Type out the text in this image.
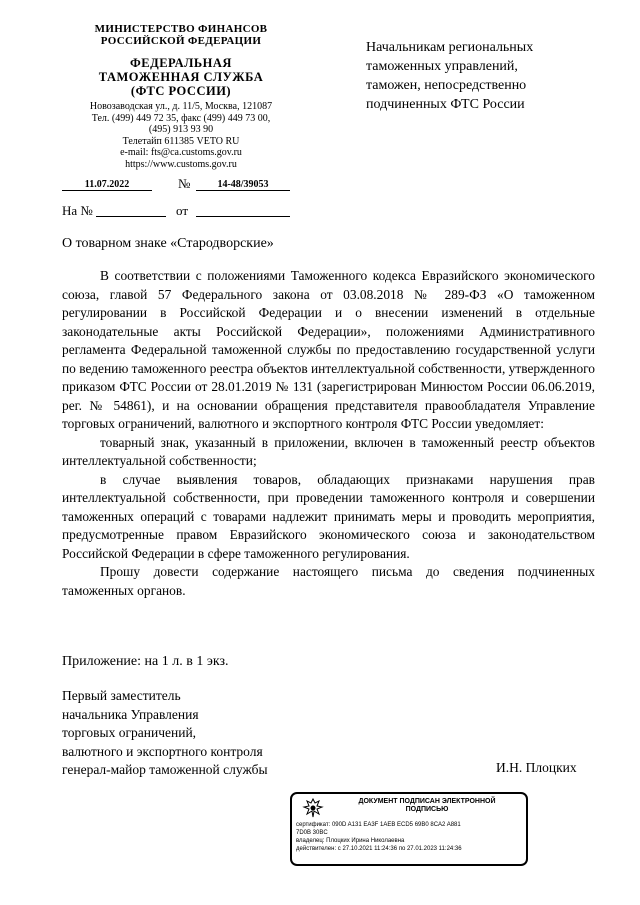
МИНИСТЕРСТВО ФИНАНСОВ
РОССИЙСКОЙ ФЕДЕРАЦИИ
ФЕДЕРАЛЬНАЯ
ТАМОЖЕННАЯ СЛУЖБА
(ФТС РОССИИ)
Новозаводская ул., д. 11/5, Москва, 121087
Тел. (499) 449 72 35, факс (499) 449 73 00,
(495) 913 93 90
Телетайп 611385 VETO RU
e-mail: fts@ca.customs.gov.ru
https://www.customs.gov.ru
11.07.2022	№	14-48/39053
На №	от
Начальникам региональных
таможенных управлений,
таможен, непосредственно
подчиненных ФТС России
О товарном знаке «Стародворские»

В соответствии с положениями Таможенного кодекса Евразийского экономического союза, главой 57 Федерального закона от 03.08.2018 № 289-ФЗ «О таможенном регулировании в Российской Федерации и о внесении изменений в отдельные законодательные акты Российской Федерации», положениями Административного регламента Федеральной таможенной службы по предоставлению государственной услуги по ведению таможенного реестра объектов интеллектуальной собственности, утвержденного приказом ФТС России от 28.01.2019 № 131 (зарегистрирован Минюстом России 06.06.2019, рег. № 54861), и на основании обращения представителя правообладателя Управление торговых ограничений, валютного и экспортного контроля ФТС России уведомляет:

товарный знак, указанный в приложении, включен в таможенный реестр объектов интеллектуальной собственности;

в случае выявления товаров, обладающих признаками нарушения прав интеллектуальной собственности, при проведении таможенного контроля и совершении таможенных операций с товарами надлежит принимать меры и проводить мероприятия, предусмотренные правом Евразийского экономического союза и законодательством Российской Федерации в сфере таможенного регулирования.

Прошу довести содержание настоящего письма до сведения подчиненных таможенных органов.

Приложение: на 1 л. в 1 экз.
Первый заместитель
начальника Управления
торговых ограничений,
валютного и экспортного контроля
генерал-майор таможенной службы	И.Н. Плоцких
ДОКУМЕНТ ПОДПИСАН ЭЛЕКТРОННОЙ
ПОДПИСЬЮ
сертификат: 090D A131 EA3F 1AEB ECD5 69B0 8CA2 A881
7D0B 30BC
владелец: Плоцких Ирина Николаевна
действителен: с 27.10.2021 11:24:36 по 27.01.2023 11:24:36
